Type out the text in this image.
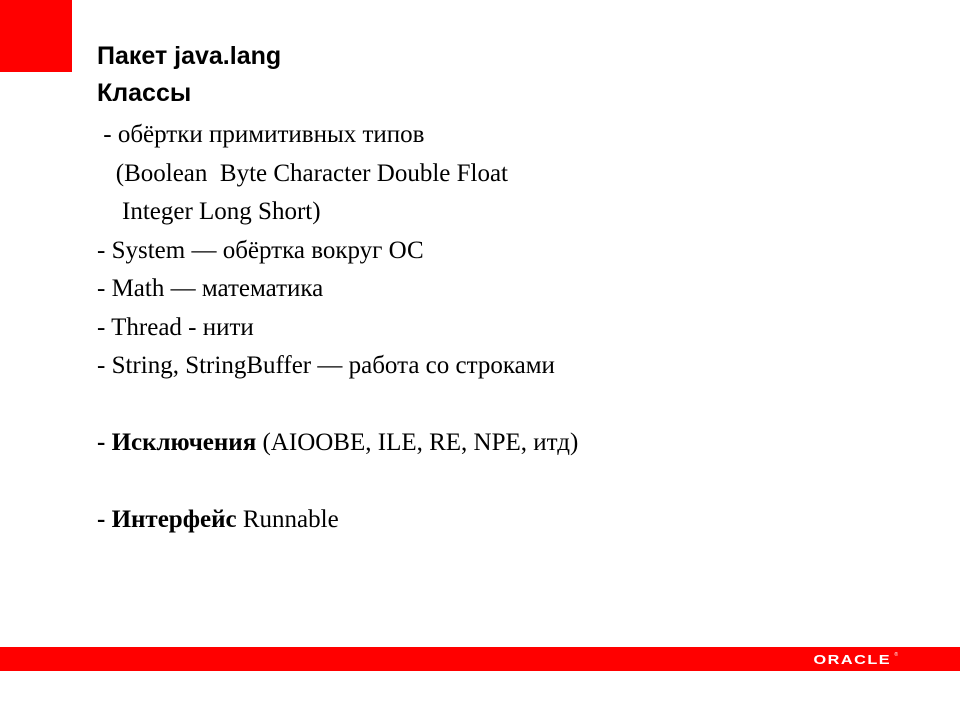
Пакет java.lang
Классы
- обёртки примитивных типов
(Boolean  Byte Character Double Float
Integer Long Short)
- System — обёртка вокруг ОС
- Math — математика
- Thread - нити
- String, StringBuffer — работа со строками
- Исключения (AIOOBE, ILE, RE, NPE, итд)
- Интерфейс Runnable
ORACLE ®
